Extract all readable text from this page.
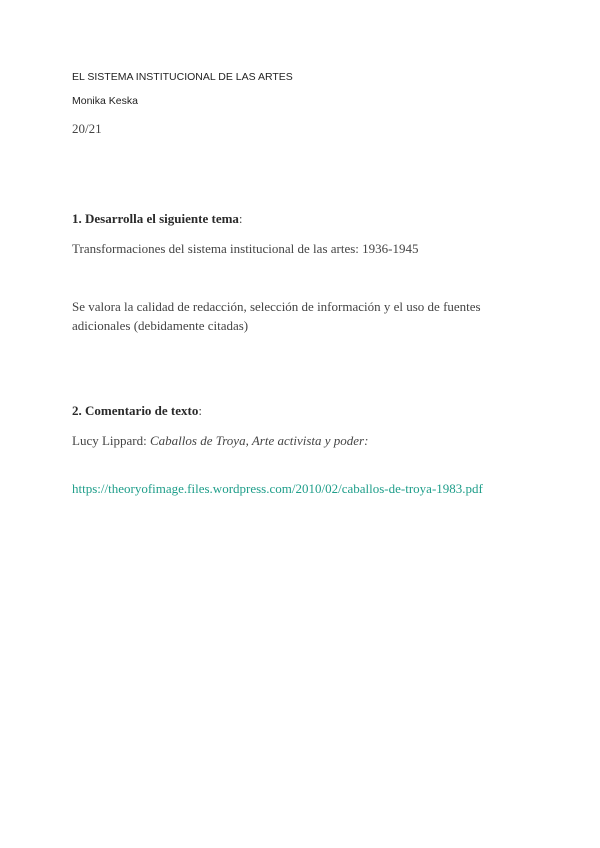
EL SISTEMA INSTITUCIONAL DE LAS ARTES
Monika Keska
20/21
1. Desarrolla el siguiente tema:
Transformaciones del sistema institucional de las artes: 1936-1945
Se valora la calidad de redacción, selección de información y el uso de fuentes adicionales (debidamente citadas)
2. Comentario de texto:
Lucy Lippard: Caballos de Troya, Arte activista y poder:
https://theoryofimage.files.wordpress.com/2010/02/caballos-de-troya-1983.pdf
